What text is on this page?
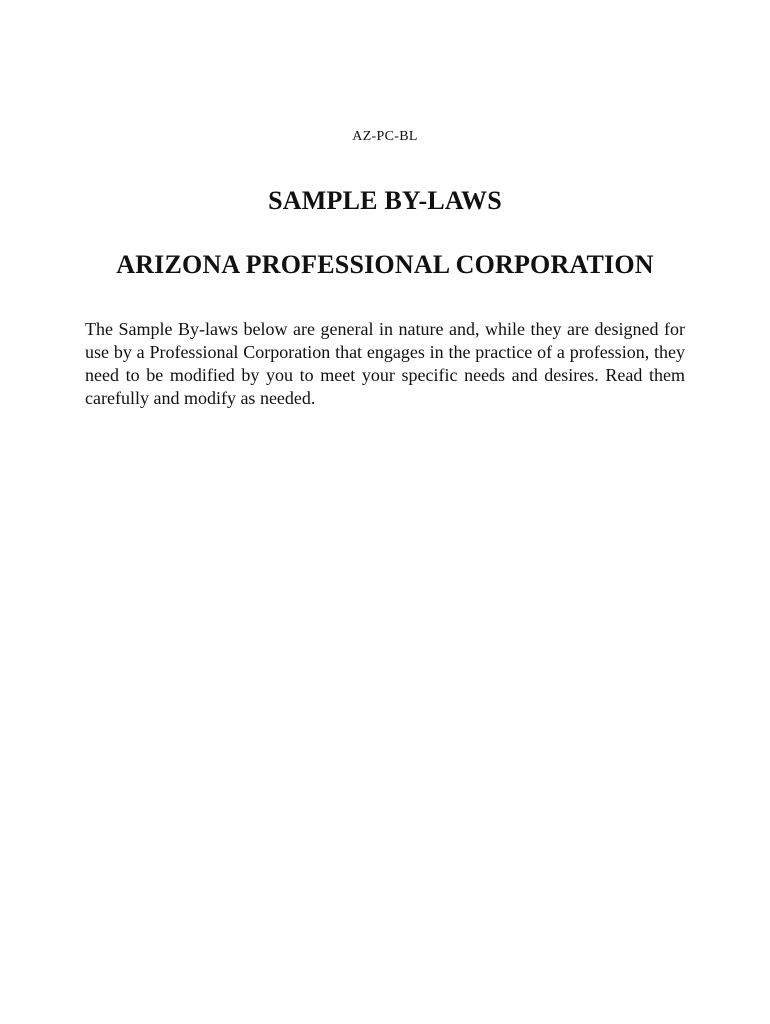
AZ-PC-BL
SAMPLE BY-LAWS
ARIZONA PROFESSIONAL CORPORATION

The Sample By-laws below are general in nature and, while they are designed for use by a Professional Corporation that engages in the practice of a profession, they need to be modified by you to meet your specific needs and desires. Read them carefully and modify as needed.
